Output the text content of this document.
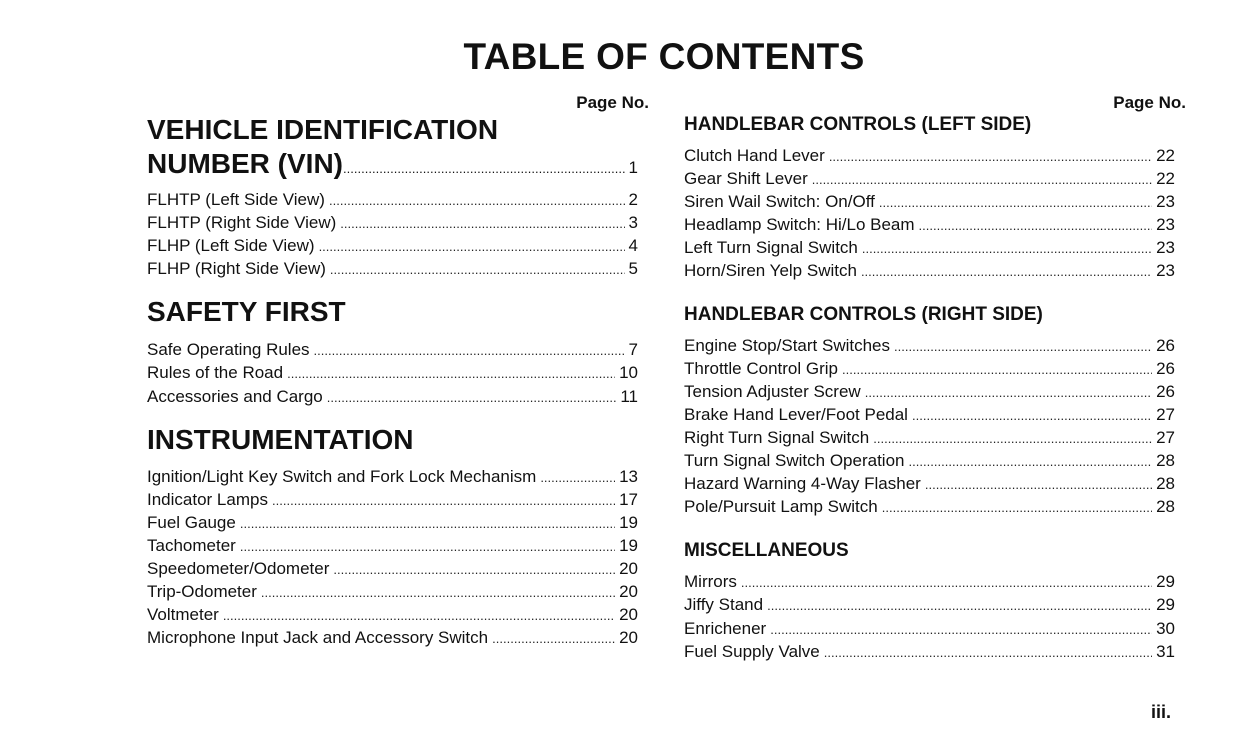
TABLE OF CONTENTS
Page No.
VEHICLE IDENTIFICATION
NUMBER (VIN) . . .	1
FLHTP (Left Side View) . . .	2
FLHTP (Right Side View) . . .	3
FLHP (Left Side View) . . .	4
FLHP (Right Side View) . . .	5
SAFETY FIRST
Safe Operating Rules . . .	7
Rules of the Road . . .	10
Accessories and Cargo . . .	11
INSTRUMENTATION
Ignition/Light Key Switch and Fork Lock Mechanism . . .	13
Indicator Lamps . . .	17
Fuel Gauge . . .	19
Tachometer . . .	19
Speedometer/Odometer . . .	20
Trip-Odometer . . .	20
Voltmeter . . .	20
Microphone Input Jack and Accessory Switch . . .	20
Page No.
HANDLEBAR CONTROLS (LEFT SIDE)
Clutch Hand Lever . . .	22
Gear Shift Lever . . .	22
Siren Wail Switch: On/Off . . .	23
Headlamp Switch: Hi/Lo Beam . . .	23
Left Turn Signal Switch . . .	23
Horn/Siren Yelp Switch . . .	23
HANDLEBAR CONTROLS (RIGHT SIDE)
Engine Stop/Start Switches . . .	26
Throttle Control Grip . . .	26
Tension Adjuster Screw . . .	26
Brake Hand Lever/Foot Pedal . . .	27
Right Turn Signal Switch . . .	27
Turn Signal Switch Operation . . .	28
Hazard Warning 4-Way Flasher . . .	28
Pole/Pursuit Lamp Switch . . .	28
MISCELLANEOUS
Mirrors . . .	29
Jiffy Stand . . .	29
Enrichener . . .	30
Fuel Supply Valve . . .	31
iii.
